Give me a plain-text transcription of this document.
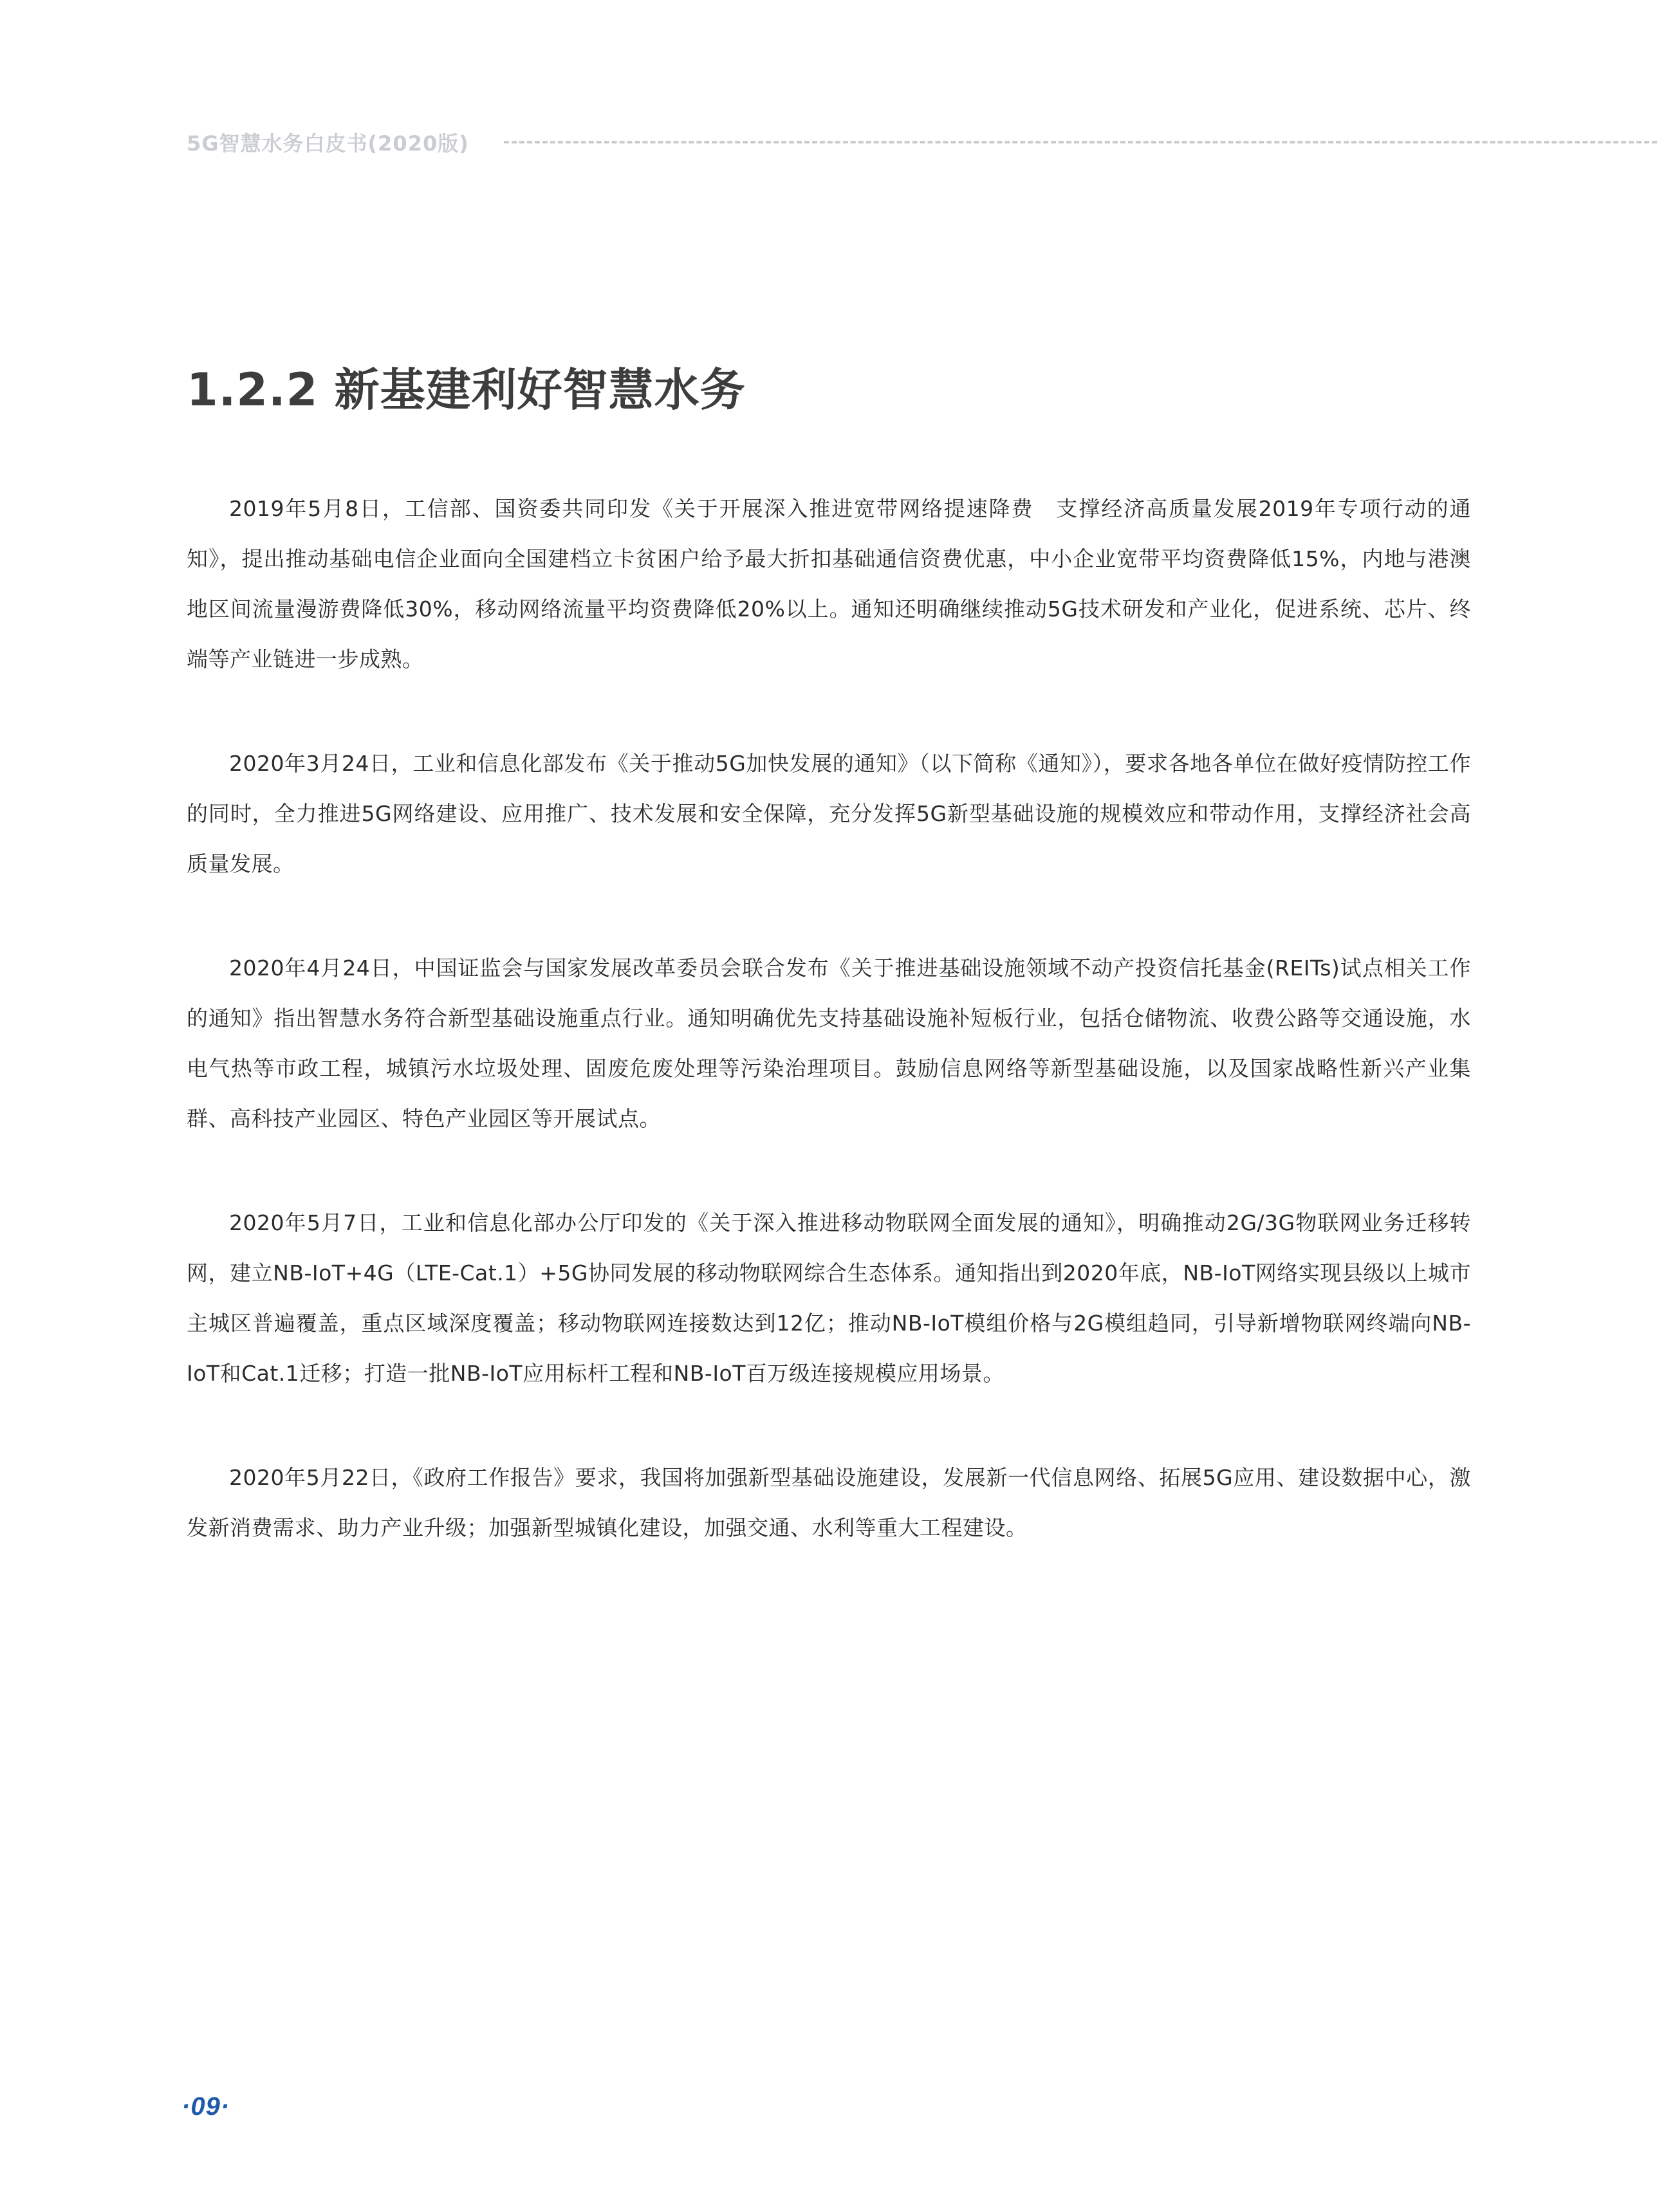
5G智慧水务白皮书(2020版)
1.2.2 新基建利好智慧水务

2019年5月8日，工信部、国资委共同印发《关于开展深入推进宽带网络提速降费　支撑经济高质量发展2019年专项行动的通知》，提出推动基础电信企业面向全国建档立卡贫困户给予最大折扣基础通信资费优惠，中小企业宽带平均资费降低15%，内地与港澳地区间流量漫游费降低30%，移动网络流量平均资费降低20%以上。通知还明确继续推动5G技术研发和产业化，促进系统、芯片、终端等产业链进一步成熟。

2020年3月24日，工业和信息化部发布《关于推动5G加快发展的通知》（以下简称《通知》），要求各地各单位在做好疫情防控工作的同时，全力推进5G网络建设、应用推广、技术发展和安全保障，充分发挥5G新型基础设施的规模效应和带动作用，支撑经济社会高质量发展。

2020年4月24日，中国证监会与国家发展改革委员会联合发布《关于推进基础设施领域不动产投资信托基金(REITs)试点相关工作的通知》指出智慧水务符合新型基础设施重点行业。通知明确优先支持基础设施补短板行业，包括仓储物流、收费公路等交通设施，水电气热等市政工程，城镇污水垃圾处理、固废危废处理等污染治理项目。鼓励信息网络等新型基础设施，以及国家战略性新兴产业集群、高科技产业园区、特色产业园区等开展试点。

2020年5月7日，工业和信息化部办公厅印发的《关于深入推进移动物联网全面发展的通知》，明确推动2G/3G物联网业务迁移转网，建立NB-IoT+4G（LTE-Cat.1）+5G协同发展的移动物联网综合生态体系。通知指出到2020年底，NB-IoT网络实现县级以上城市主城区普遍覆盖，重点区域深度覆盖；移动物联网连接数达到12亿；推动NB-IoT模组价格与2G模组趋同，引导新增物联网终端向NB-IoT和Cat.1迁移；打造一批NB-IoT应用标杆工程和NB-IoT百万级连接规模应用场景。

2020年5月22日，《政府工作报告》要求，我国将加强新型基础设施建设，发展新一代信息网络、拓展5G应用、建设数据中心，激发新消费需求、助力产业升级；加强新型城镇化建设，加强交通、水利等重大工程建设。

·09·
